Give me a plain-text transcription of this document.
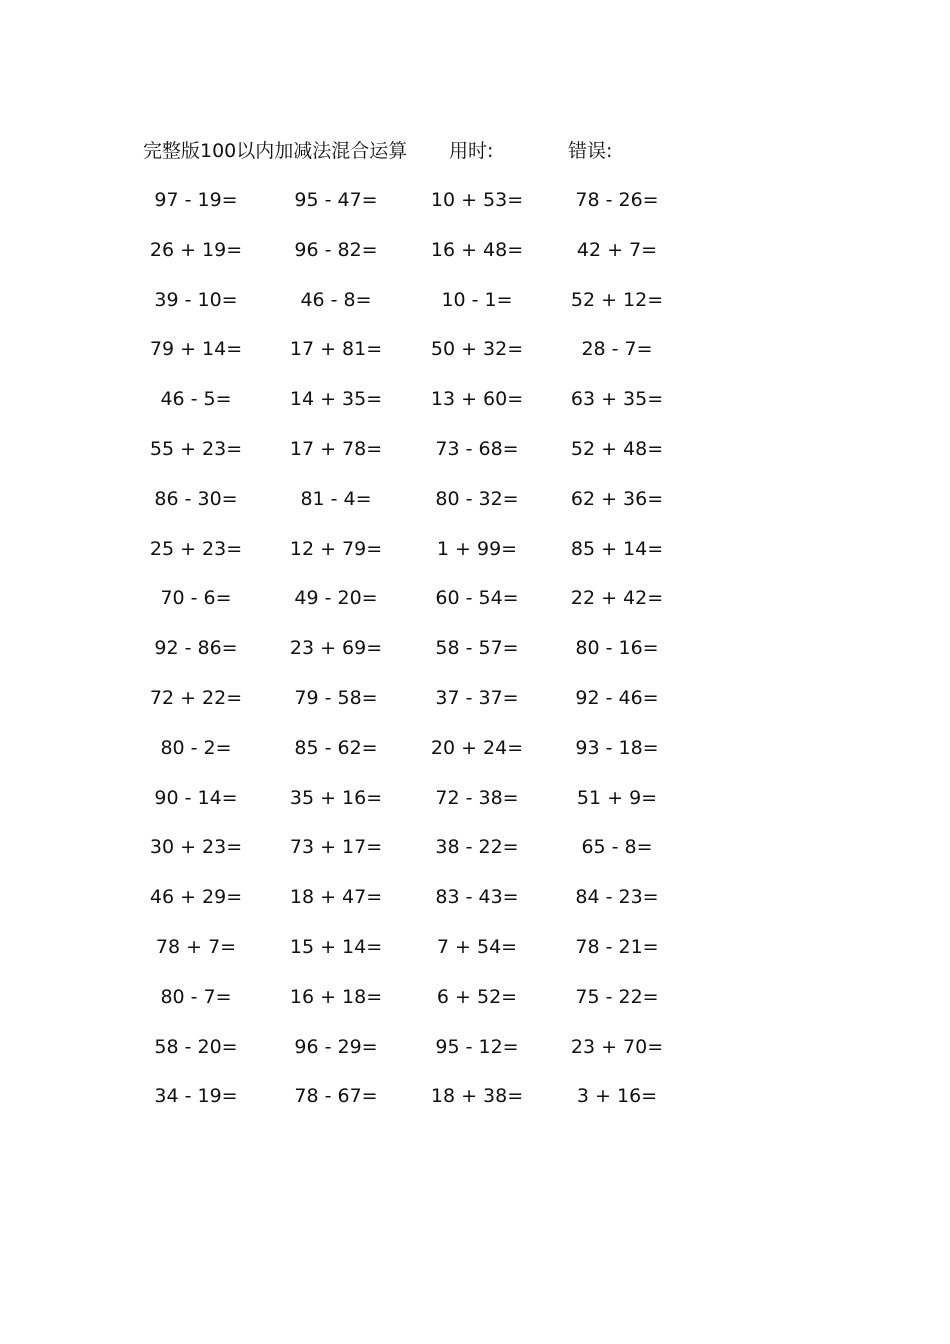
完整版100以内加减法混合运算 用时:	错误:
97 - 19=	95 - 47=	10 + 53=	78 - 26=
26 + 19=	96 - 82=	16 + 48=	42 + 7=
39 - 10=	46 - 8=	10 - 1=	52 + 12=
79 + 14=	17 + 81=	50 + 32=	28 - 7=
46 - 5=	14 + 35=	13 + 60=	63 + 35=
55 + 23=	17 + 78=	73 - 68=	52 + 48=
86 - 30=	81 - 4=	80 - 32=	62 + 36=
25 + 23=	12 + 79=	1 + 99=	85 + 14=
70 - 6=	49 - 20=	60 - 54=	22 + 42=
92 - 86=	23 + 69=	58 - 57=	80 - 16=
72 + 22=	79 - 58=	37 - 37=	92 - 46=
80 - 2=	85 - 62=	20 + 24=	93 - 18=
90 - 14=	35 + 16=	72 - 38=	51 + 9=
30 + 23=	73 + 17=	38 - 22=	65 - 8=
46 + 29=	18 + 47=	83 - 43=	84 - 23=
78 + 7=	15 + 14=	7 + 54=	78 - 21=
80 - 7=	16 + 18=	6 + 52=	75 - 22=
58 - 20=	96 - 29=	95 - 12=	23 + 70=
34 - 19=	78 - 67=	18 + 38=	3 + 16=
